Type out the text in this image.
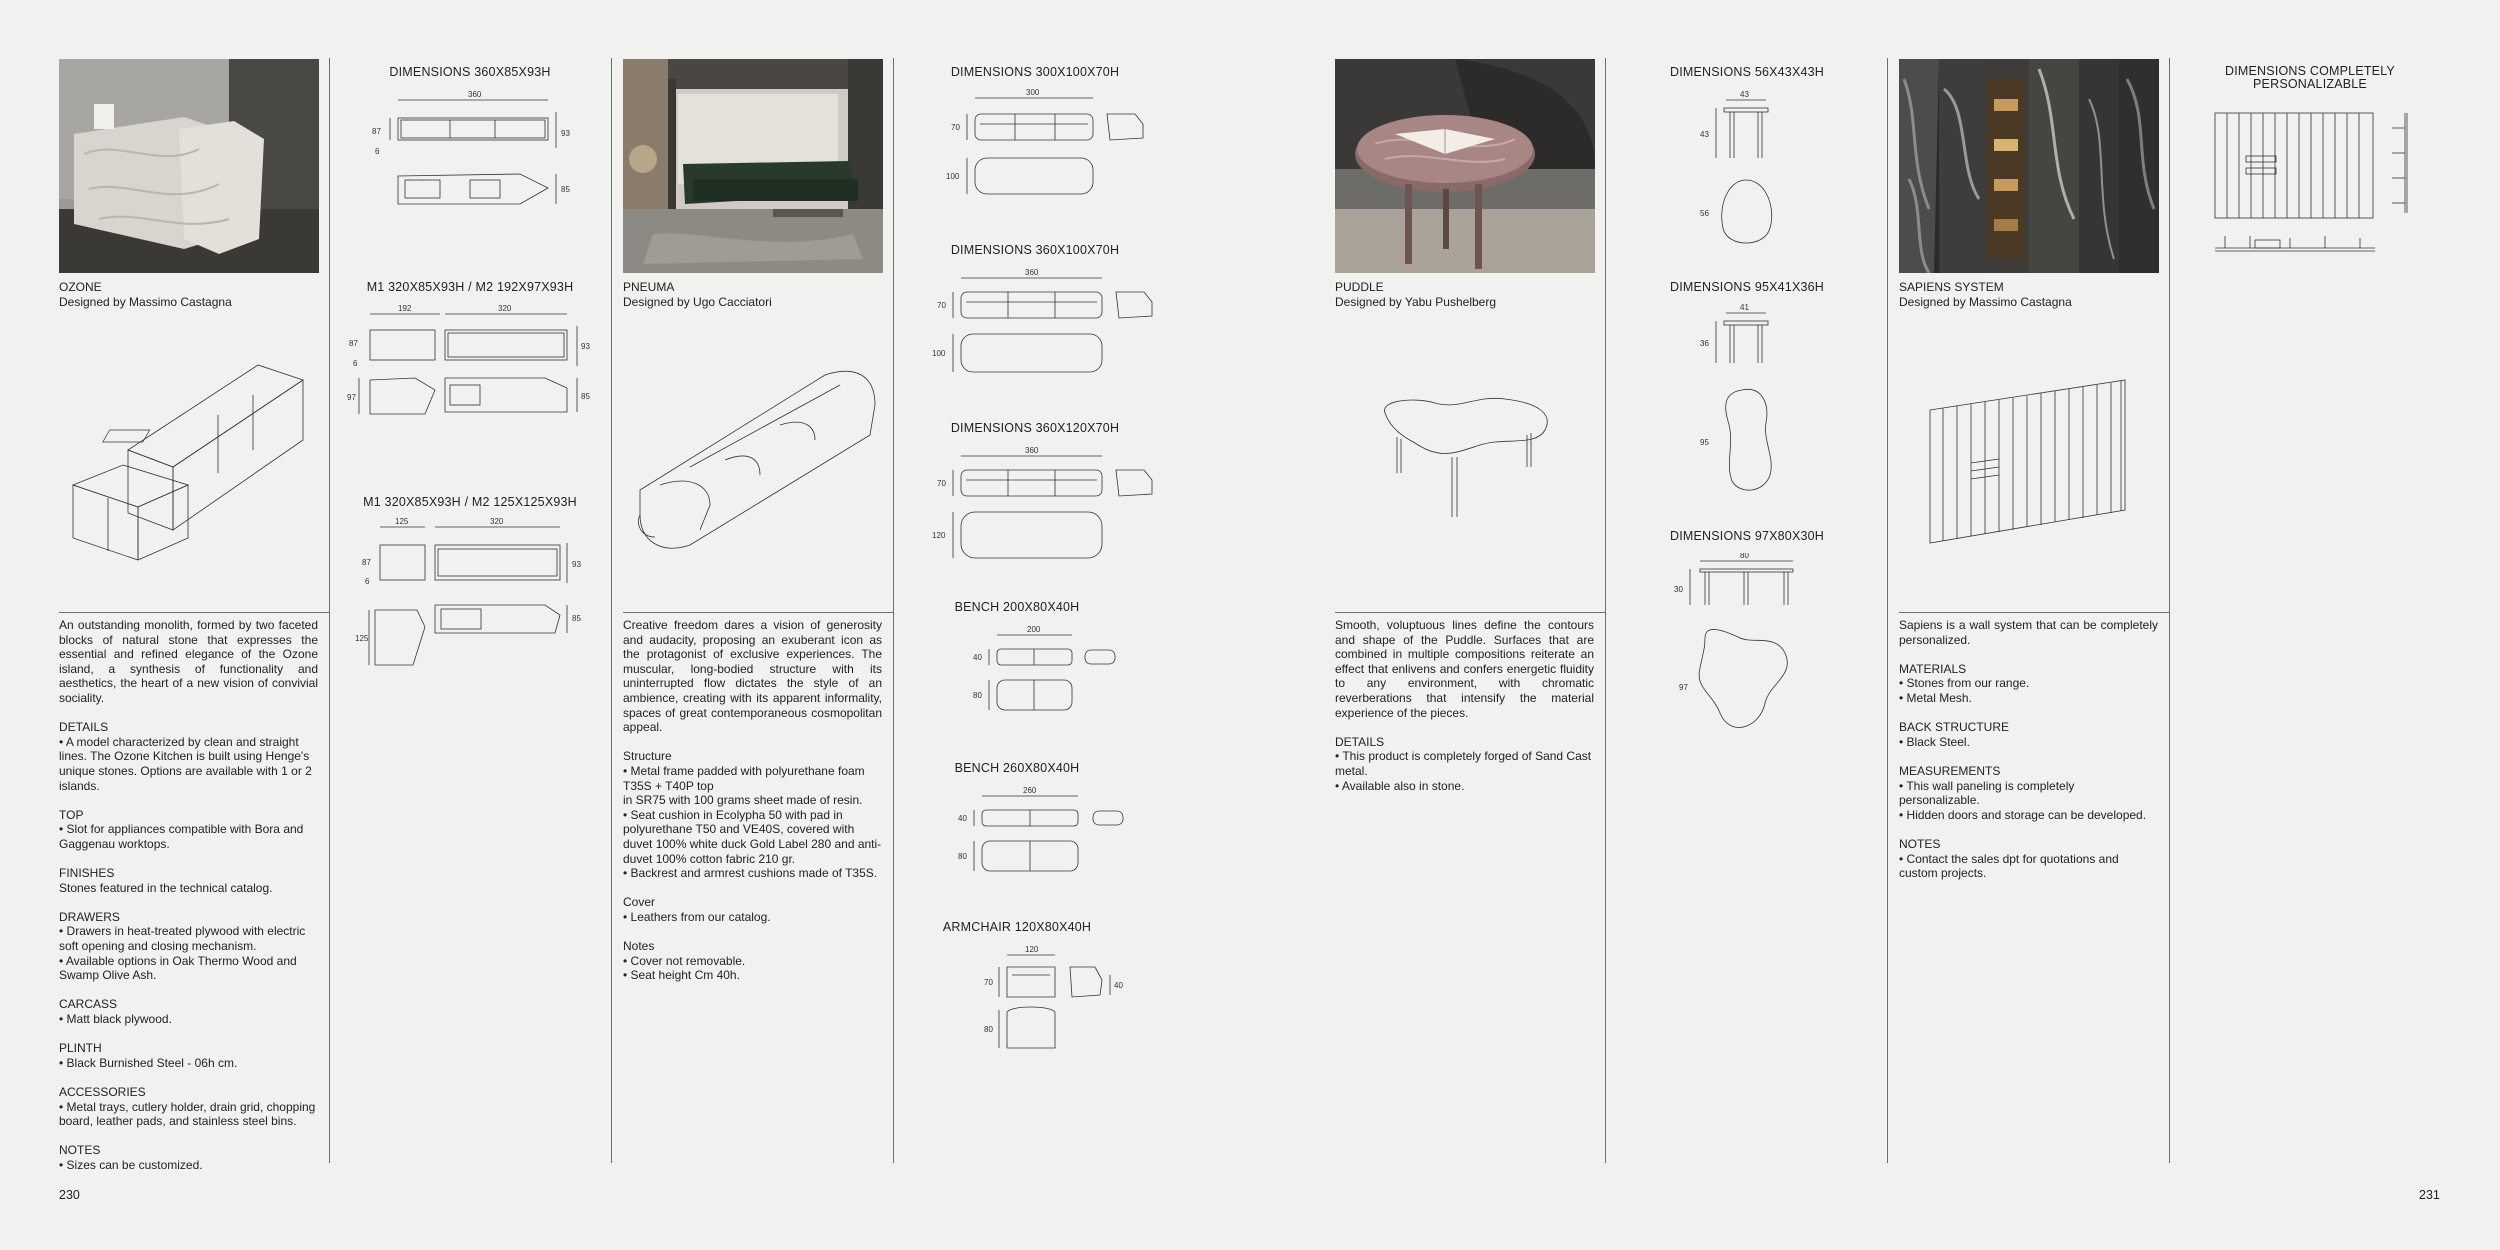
OZONE
Designed by Massimo Castagna

An outstanding monolith, formed by two faceted blocks of natural stone that expresses the essential and refined elegance of the Ozone island, a synthesis of functionality and aesthetics, the heart of a new vision of convivial sociality.

DETAILS
• A model characterized by clean and straight lines. The Ozone Kitchen is built using Henge's unique stones. Options are available with 1 or 2 islands.
TOP
• Slot for appliances compatible with Bora and Gaggenau worktops.
FINISHES
Stones featured in the technical catalog.
DRAWERS
• Drawers in heat-treated plywood with electric soft opening and closing mechanism.
• Available options in Oak Thermo Wood and Swamp Olive Ash.
CARCASS
• Matt black plywood.
PLINTH
• Black Burnished Steel - 06h cm.
ACCESSORIES
• Metal trays, cutlery holder, drain grid, chopping board, leather pads, and stainless steel bins.
NOTES
• Sizes can be customized.
DIMENSIONS 360X85X93H
360
87
6
93
85
M1 320X85X93H / M2 192X97X93H
192	320
87
6
93
97	85
M1 320X85X93H / M2 125X125X93H
125	320
87
6
93
125
85
PNEUMA
Designed by Ugo Cacciatori

Creative freedom dares a vision of generosity and audacity, proposing an exuberant icon as the protagonist of exclusive experiences. The muscular, long-bodied structure with its uninterrupted flow dictates the style of an ambience, creating with its apparent informality, spaces of great contemporaneous cosmopolitan appeal.

Structure
• Metal frame padded with polyurethane foam T35S + T40P top
in SR75 with 100 grams sheet made of resin.
• Seat cushion in Ecolypha 50 with pad in polyurethane T50 and VE40S, covered with duvet 100% white duck Gold Label 280 and anti-duvet 100% cotton fabric 210 gr.
• Backrest and armrest cushions made of T35S.
Cover
• Leathers from our catalog.
Notes
• Cover not removable.
• Seat height Cm 40h.
DIMENSIONS 300X100X70H
300
70
100
DIMENSIONS 360X100X70H
360
70
100
DIMENSIONS 360X120X70H
360
70
120
BENCH 200X80X40H
200
40
80
BENCH 260X80X40H
260
40
80
ARMCHAIR 120X80X40H
120
70	40
80
PUDDLE
Designed by Yabu Pushelberg

Smooth, voluptuous lines define the contours and shape of the Puddle. Surfaces that are combined in multiple compositions reiterate an effect that enlivens and confers energetic fluidity to any environment, with chromatic reverberations that intensify the material experience of the pieces.

DETAILS
• This product is completely forged of Sand Cast metal.
• Available also in stone.
DIMENSIONS 56X43X43H
43
43
56
DIMENSIONS 95X41X36H
41
36
95
DIMENSIONS 97X80X30H
80
30
97
SAPIENS SYSTEM
Designed by Massimo Castagna

Sapiens is a wall system that can be completely personalized.

MATERIALS
• Stones from our range.
• Metal Mesh.
BACK STRUCTURE
• Black Steel.
MEASUREMENTS
• This wall paneling is completely personalizable.
• Hidden doors and storage can be developed.
NOTES
• Contact the sales dpt for quotations and custom projects.
DIMENSIONS COMPLETELY PERSONALIZABLE
230	231
